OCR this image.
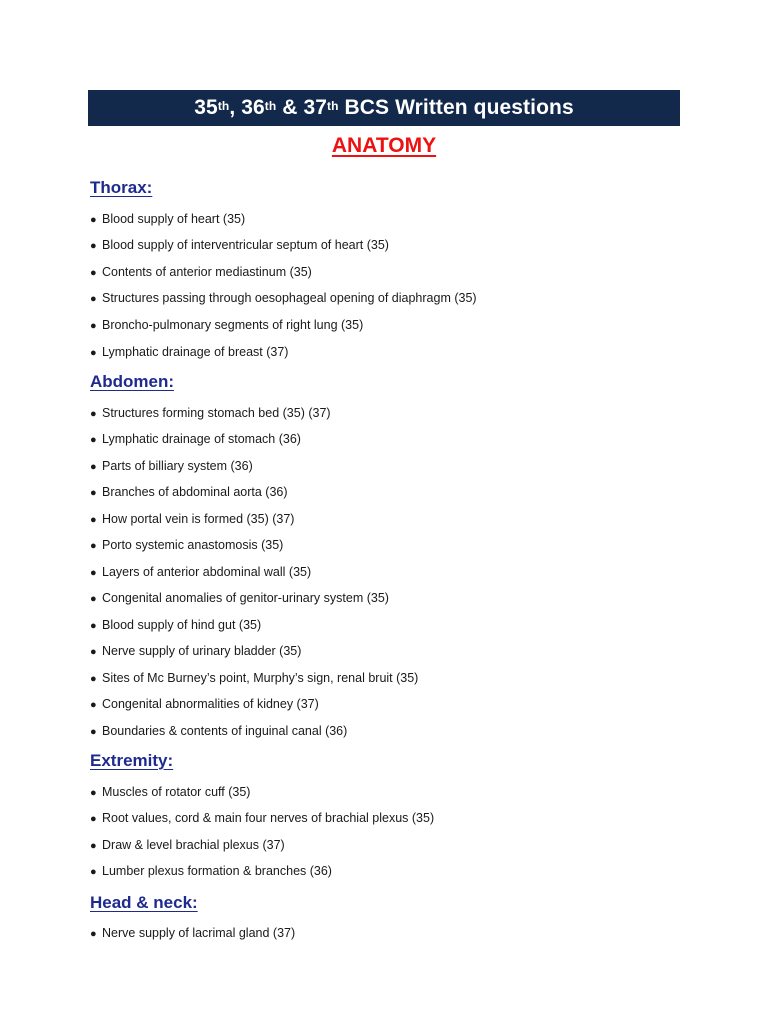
35th , 36th & 37th BCS Written questions
ANATOMY
Thorax:
● Blood supply of heart (35)
● Blood supply of interventricular septum of heart (35)
● Contents of anterior mediastinum (35)
● Structures passing through oesophageal opening of diaphragm (35)
● Broncho-pulmonary segments of right lung (35)
● Lymphatic drainage of breast (37)
Abdomen:
● Structures forming stomach bed (35) (37)
● Lymphatic drainage of stomach (36)
● Parts of billiary system (36)
● Branches of abdominal aorta (36)
● How portal vein is formed (35) (37)
● Porto systemic anastomosis (35)
● Layers of anterior abdominal wall (35)
● Congenital anomalies of genitor-urinary system (35)
● Blood supply of hind gut (35)
● Nerve supply of urinary bladder (35)
● Sites of Mc Burney’s point, Murphy’s sign, renal bruit (35)
● Congenital abnormalities of kidney (37)
● Boundaries & contents of inguinal canal (36)
Extremity:
● Muscles of rotator cuff (35)
● Root values, cord & main four nerves of brachial plexus (35)
● Draw & level brachial plexus (37)
● Lumber plexus formation & branches (36)
Head & neck:
● Nerve supply of lacrimal gland (37)
